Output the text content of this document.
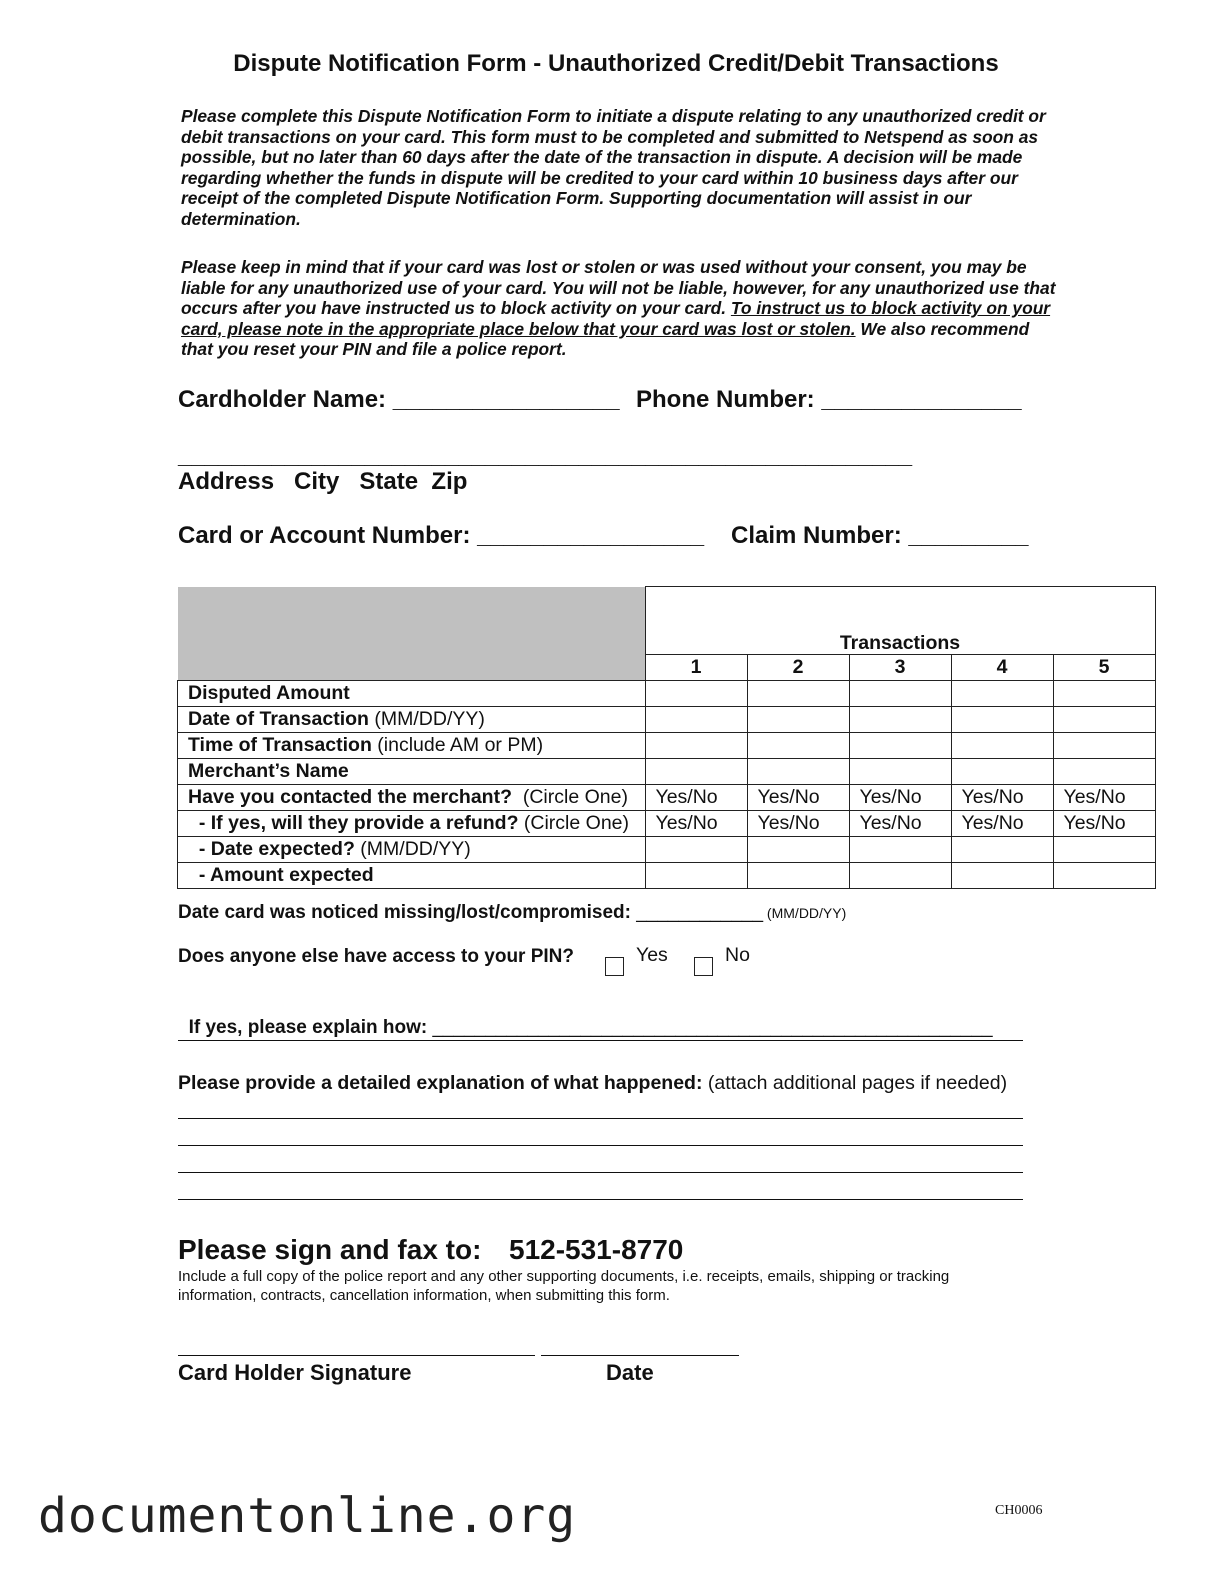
Dispute Notification Form - Unauthorized Credit/Debit Transactions

Please complete this Dispute Notification Form to initiate a dispute relating to any unauthorized credit or debit transactions on your card. This form must to be completed and submitted to Netspend as soon as possible, but no later than 60 days after the date of the transaction in dispute. A decision will be made regarding whether the funds in dispute will be credited to your card within 10 business days after our receipt of the completed Dispute Notification Form. Supporting documentation will assist in our determination.

Please keep in mind that if your card was lost or stolen or was used without your consent, you may be liable for any unauthorized use of your card. You will not be liable, however, for any unauthorized use that occurs after you have instructed us to block activity on your card. To instruct us to block activity on your card, please note in the appropriate place below that your card was lost or stolen. We also recommend that you reset your PIN and file a police report.

Cardholder Name: _________________ Phone Number: _______________
_______________________________________________________
Address   City   State  Zip
Card or Account Number: _________________ Claim Number: _________
	Transactions				
	1	2	3	4	5
Disputed Amount					
Date of Transaction (MM/DD/YY)					
Time of Transaction (include AM or PM)					
Merchant’s Name					
Have you contacted the merchant?  (Circle One)	Yes/No	Yes/No	Yes/No	Yes/No	Yes/No
- If yes, will they provide a refund? (Circle One)	Yes/No	Yes/No	Yes/No	Yes/No	Yes/No
- Date expected? (MM/DD/YY)					
- Amount expected					
Date card was noticed missing/lost/compromised: ____________ (MM/DD/YY)
Does anyone else have access to your PIN?	Yes	No

If yes, please explain how: _____________________________________________________

Please provide a detailed explanation of what happened: (attach additional pages if needed)
Please sign and fax to: 512-531-8770
Include a full copy of the police report and any other supporting documents, i.e. receipts, emails, shipping or tracking information, contracts, cancellation information, when submitting this form.
Card Holder Signature	Date
CH0006
documentonline.org
